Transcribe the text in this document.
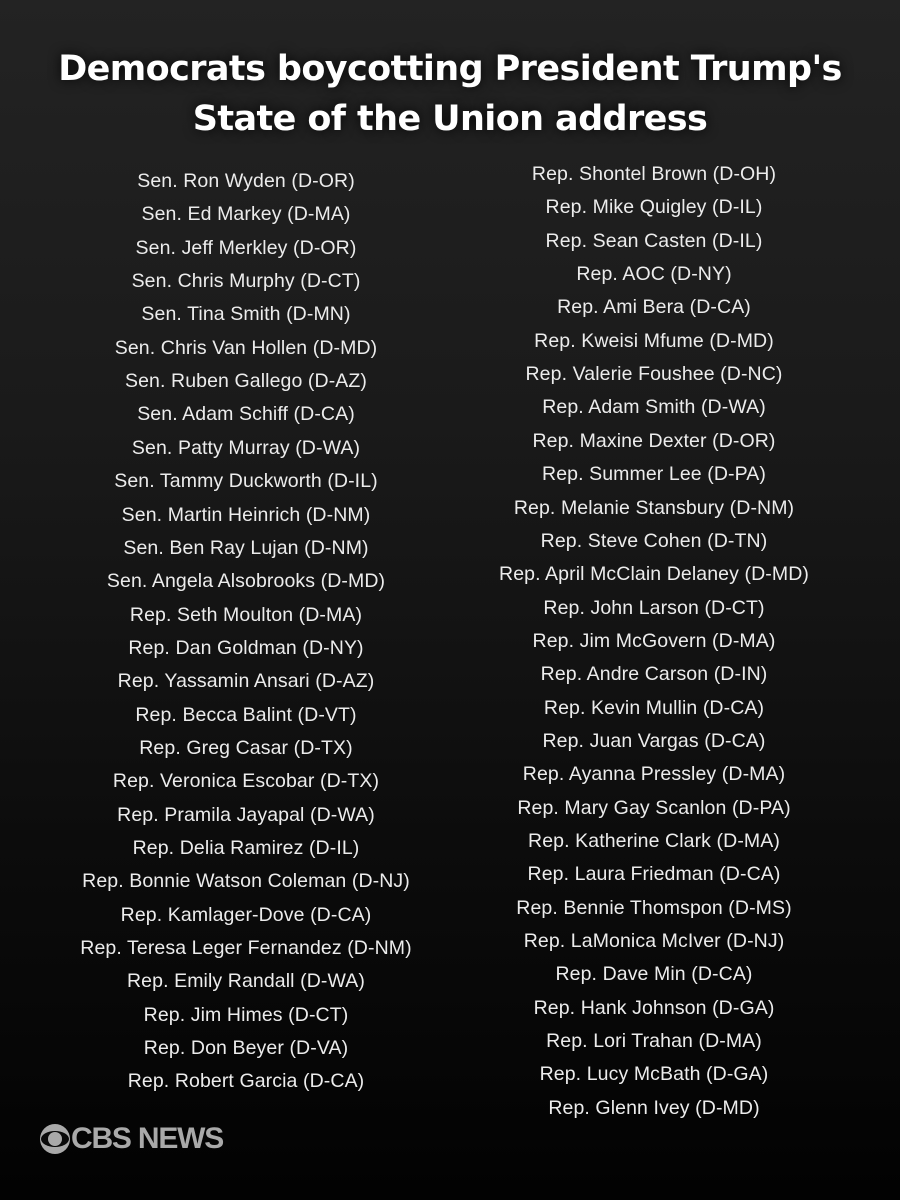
Democrats boycotting President Trump's
State of the Union address
Sen. Ron Wyden (D-OR)
Sen. Ed Markey (D-MA)
Sen. Jeff Merkley (D-OR)
Sen. Chris Murphy (D-CT)
Sen. Tina Smith (D-MN)
Sen. Chris Van Hollen (D-MD)
Sen. Ruben Gallego (D-AZ)
Sen. Adam Schiff (D-CA)
Sen. Patty Murray (D-WA)
Sen. Tammy Duckworth (D-IL)
Sen. Martin Heinrich (D-NM)
Sen. Ben Ray Lujan (D-NM)
Sen. Angela Alsobrooks (D-MD)
Rep. Seth Moulton (D-MA)
Rep. Dan Goldman (D-NY)
Rep. Yassamin Ansari (D-AZ)
Rep. Becca Balint (D-VT)
Rep. Greg Casar (D-TX)
Rep. Veronica Escobar (D-TX)
Rep. Pramila Jayapal (D-WA)
Rep. Delia Ramirez (D-IL)
Rep. Bonnie Watson Coleman (D-NJ)
Rep. Kamlager-Dove (D-CA)
Rep. Teresa Leger Fernandez (D-NM)
Rep. Emily Randall (D-WA)
Rep. Jim Himes (D-CT)
Rep. Don Beyer (D-VA)
Rep. Robert Garcia (D-CA)
Rep. Shontel Brown (D-OH)
Rep. Mike Quigley (D-IL)
Rep. Sean Casten (D-IL)
Rep. AOC (D-NY)
Rep. Ami Bera (D-CA)
Rep. Kweisi Mfume (D-MD)
Rep. Valerie Foushee (D-NC)
Rep. Adam Smith (D-WA)
Rep. Maxine Dexter (D-OR)
Rep. Summer Lee (D-PA)
Rep. Melanie Stansbury (D-NM)
Rep. Steve Cohen (D-TN)
Rep. April McClain Delaney (D-MD)
Rep. John Larson (D-CT)
Rep. Jim McGovern (D-MA)
Rep. Andre Carson (D-IN)
Rep. Kevin Mullin (D-CA)
Rep. Juan Vargas (D-CA)
Rep. Ayanna Pressley (D-MA)
Rep. Mary Gay Scanlon (D-PA)
Rep. Katherine Clark (D-MA)
Rep. Laura Friedman (D-CA)
Rep. Bennie Thomspon (D-MS)
Rep. LaMonica McIver (D-NJ)
Rep. Dave Min (D-CA)
Rep. Hank Johnson (D-GA)
Rep. Lori Trahan (D-MA)
Rep. Lucy McBath (D-GA)
Rep. Glenn Ivey (D-MD)
CBS NEWS
